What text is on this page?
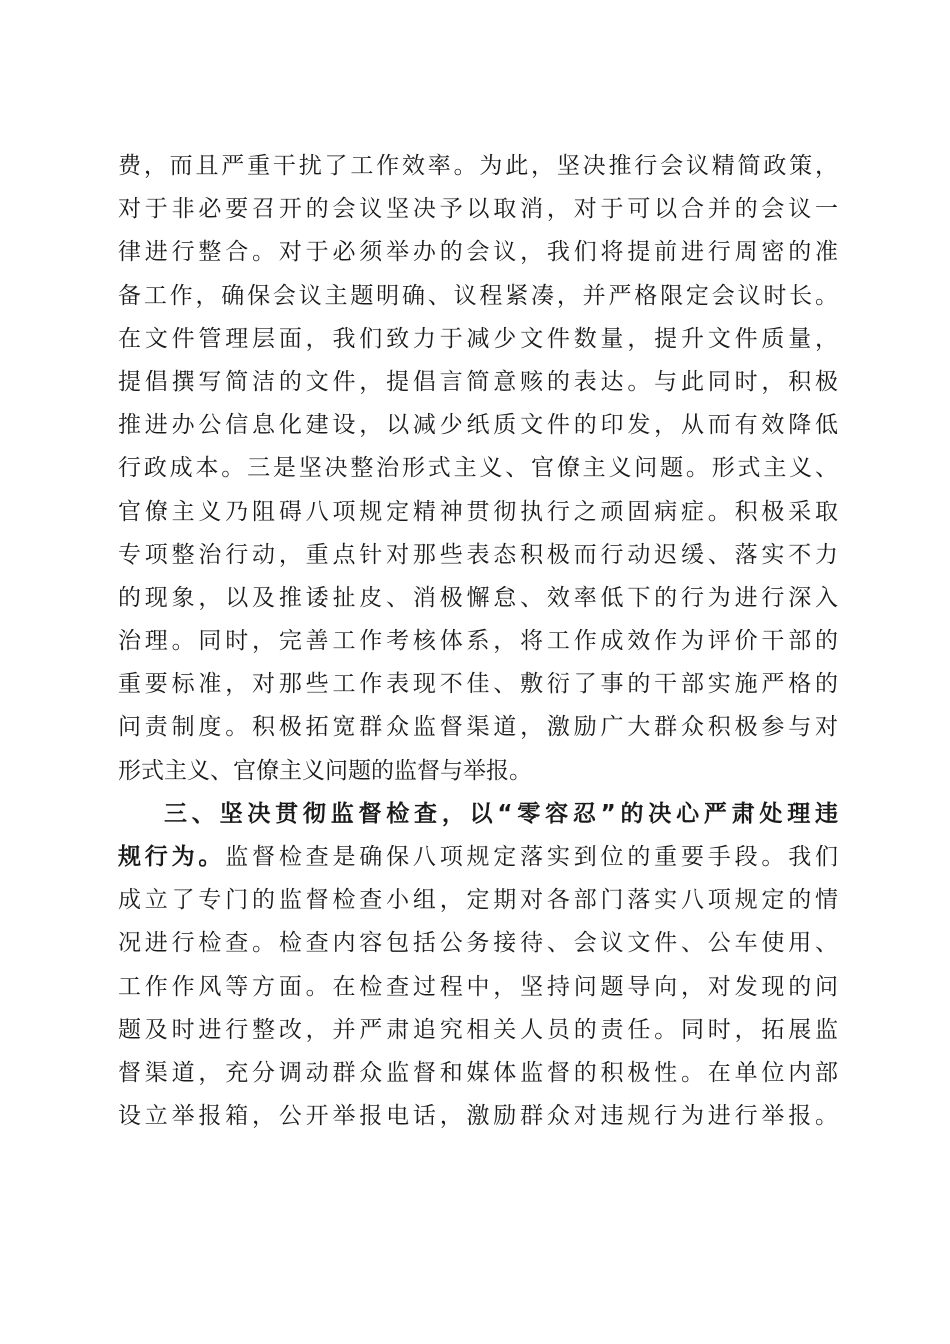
费，而且严重干扰了工作效率。为此，坚决推行会议精简政策，
对于非必要召开的会议坚决予以取消，对于可以合并的会议一
律进行整合。对于必须举办的会议，我们将提前进行周密的准
备工作，确保会议主题明确、议程紧凑，并严格限定会议时长。
在文件管理层面，我们致力于减少文件数量，提升文件质量，
提倡撰写简洁的文件，提倡言简意赅的表达。与此同时，积极
推进办公信息化建设，以减少纸质文件的印发，从而有效降低
行政成本。三是坚决整治形式主义、官僚主义问题。形式主义、
官僚主义乃阻碍八项规定精神贯彻执行之顽固病症。积极采取
专项整治行动，重点针对那些表态积极而行动迟缓、落实不力
的现象，以及推诿扯皮、消极懈怠、效率低下的行为进行深入
治理。同时，完善工作考核体系，将工作成效作为评价干部的
重要标准，对那些工作表现不佳、敷衍了事的干部实施严格的
问责制度。积极拓宽群众监督渠道，激励广大群众积极参与对
形式主义、官僚主义问题的监督与举报。
三、坚决贯彻监督检查，以“零容忍”的决心严肃处理违
规行为。监督检查是确保八项规定落实到位的重要手段。我们
成立了专门的监督检查小组，定期对各部门落实八项规定的情
况进行检查。检查内容包括公务接待、会议文件、公车使用、
工作作风等方面。在检查过程中，坚持问题导向，对发现的问
题及时进行整改，并严肃追究相关人员的责任。同时，拓展监
督渠道，充分调动群众监督和媒体监督的积极性。在单位内部
设立举报箱，公开举报电话，激励群众对违规行为进行举报。
